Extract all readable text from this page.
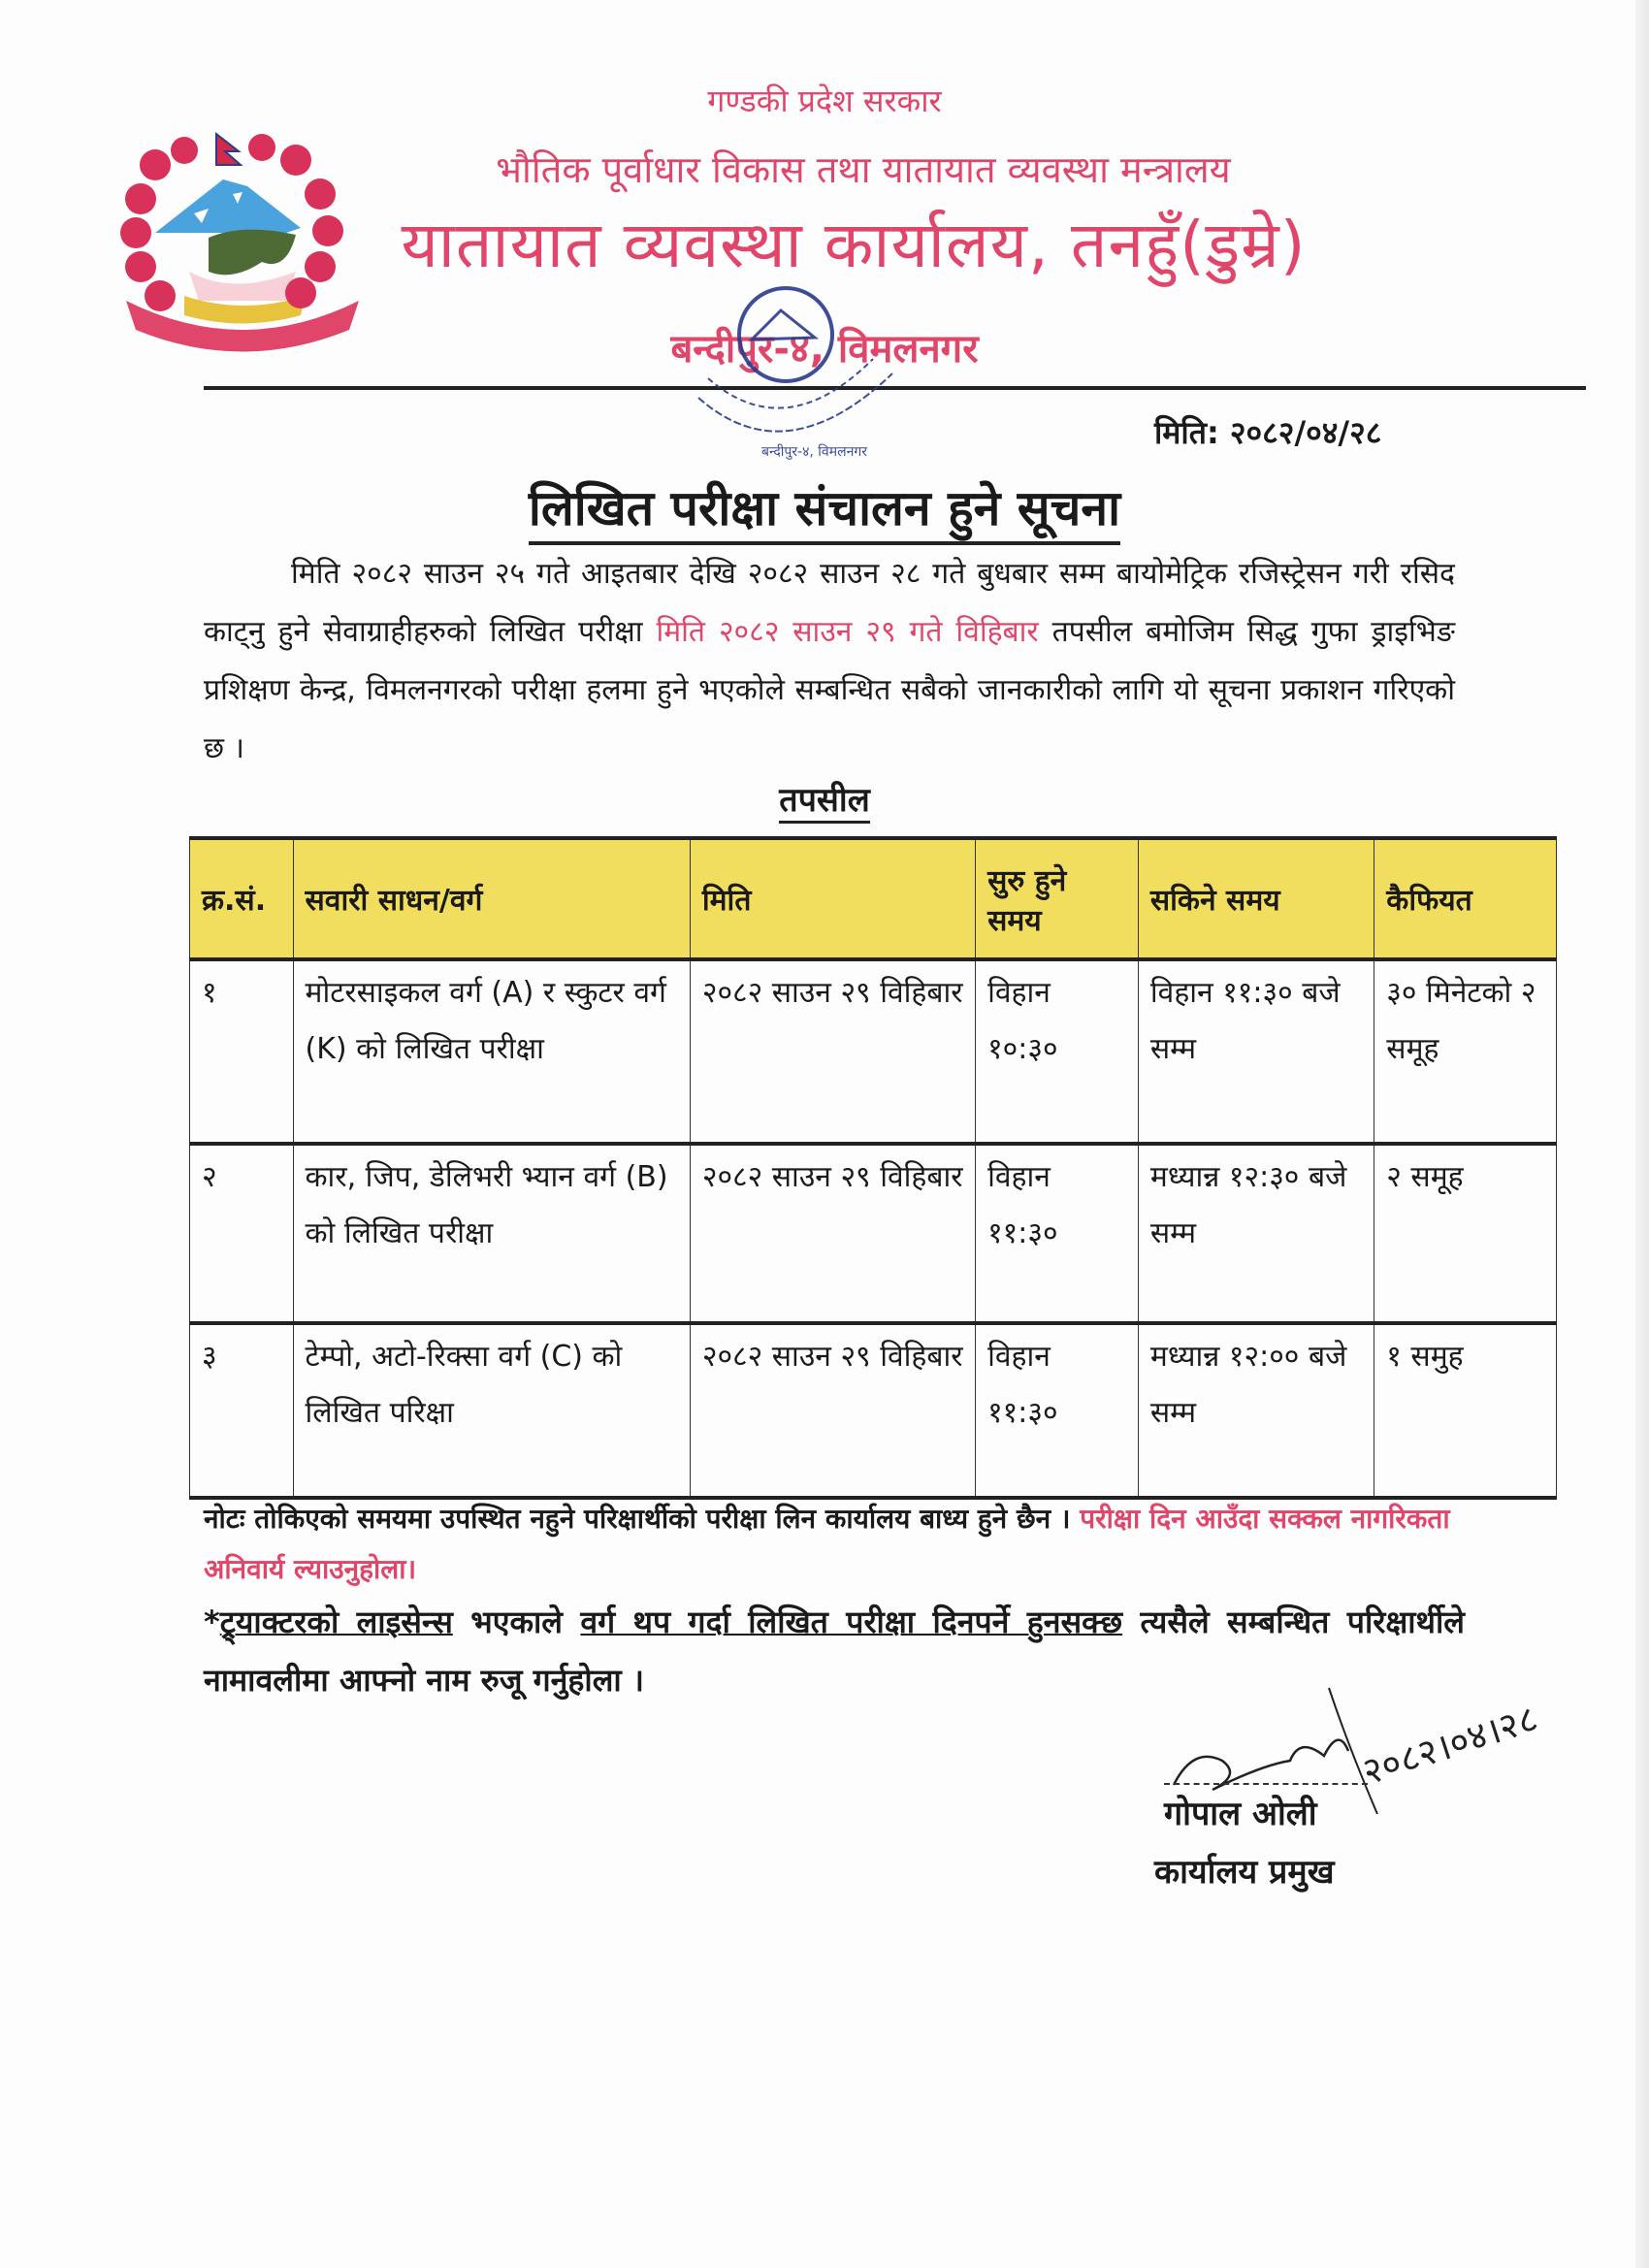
गण्डकी प्रदेश सरकार
भौतिक पूर्वाधार विकास तथा यातायात व्यवस्था मन्त्रालय
यातायात व्यवस्था कार्यालय, तनहुँ(डुम्रे)
बन्दीपुर-४, विमलनगर
बन्दीपुर-४, विमलनगर
मिति: २०८२/०४/२८
लिखित परीक्षा संचालन हुने सूचना
मिति २०८२ साउन २५ गते आइतबार देखि २०८२ साउन २८ गते बुधबार सम्म बायोमेट्रिक रजिस्ट्रेसन गरी रसिद काट्नु हुने सेवाग्राहीहरुको लिखित परीक्षा मिति २०८२ साउन २९ गते विहिबार तपसील बमोजिम सिद्ध गुफा ड्राइभिङ प्रशिक्षण केन्द्र, विमलनगरको परीक्षा हलमा हुने भएकोले सम्बन्धित सबैको जानकारीको लागि यो सूचना प्रकाशन गरिएको छ ।
तपसील
क्र.सं.	सवारी साधन/वर्ग	मिति	सुरु हुने समय	सकिने समय	कैफियत
१	मोटरसाइकल वर्ग (A) र स्कुटर वर्ग (K) को लिखित परीक्षा	२०८२ साउन २९ विहिबार	विहान १०:३०	विहान ११:३० बजे सम्म	३० मिनेटको २ समूह
२	कार, जिप, डेलिभरी भ्यान वर्ग (B) को लिखित परीक्षा	२०८२ साउन २९ विहिबार	विहान ११:३०	मध्यान्न १२:३० बजे सम्म	२ समूह
३	टेम्पो, अटो-रिक्सा वर्ग (C) को लिखित परिक्षा	२०८२ साउन २९ विहिबार	विहान ११:३०	मध्यान्न १२:०० बजे सम्म	१ समुह
नोटः तोकिएको समयमा उपस्थित नहुने परिक्षार्थीको परीक्षा लिन कार्यालय बाध्य हुने छैन । परीक्षा दिन आउँदा सक्कल नागरिकता अनिवार्य ल्याउनुहोला।
*ट्र्याक्टरको लाइसेन्स भएकाले वर्ग थप गर्दा लिखित परीक्षा दिनपर्ने हुनसक्छ त्यसैले सम्बन्धित परिक्षार्थीले नामावलीमा आफ्नो नाम रुजू गर्नुहोला ।
२०८२।०४।२८
गोपाल ओली
कार्यालय प्रमुख
